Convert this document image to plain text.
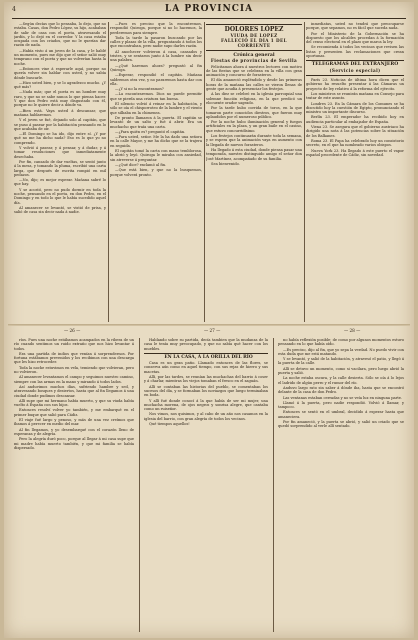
4	LA PROVINCIA

—Según decías que lo pensaba, lo dejo, que no estaba. Casas, don Pedro López, su hijo, acababan de salir de casa con el poeta, atravesando el jardín, y lo dejó en el corredor. Y la casa estaba ocupada con los criados, que no le querían dar razón de nada.

—Había visto á un joven de la casa, y le hablé un momento, pues me dijo que el señor salió muy temprano con el poeta y que no volverían hasta la noche.

—Entonces vine á esperarle aquí, porque no quería volver sin hablar con usted, y no sabía dónde buscarle.

—Hizo usted bien, y se lo agradezco mucho. ¿Y qué más?

—Nada más; que el poeta es un hombre muy raro, y que no se sabe nunca lo que piensa hacer. Y que don Pedro está muy disgustado con él, porque no le quiere decir a dónde va.

—Bien está. Vaya usted á descansar, que mañana hablaremos.

Y el joven se fué, dejando solo al capitán, que se puso á pasear por la habitación pensando en lo que acababa de oír.

—El Domingo se ha ido, dijo entre sí. ¿Y por qué no me ha dicho nada? Eso es lo que yo no comprendo.

Y volvió á pasear, y á pensar, y á dudar, y á tomar resoluciones que inmediatamente desechaba.

Por fin, cansado de dar vueltas, se sentó junto á la mesa, y tomando la pluma, escribió una carta larga, que después de escrita rompió en mil pedazos.

—No, dijo; es mejor esperar. Mañana sabré lo que hay.

Y se acostó, pero no pudo dormir en toda la noche, pensando en el poeta, en don Pedro, en el Domingo y en todo lo que le había sucedido aquel día.

Al amanecer se levantó, se vistió de prisa, y salió de casa sin decir nada á nadie.

—Pues es preciso que la encontremos, respondió Quiroga, porque si no lo hacemos, la perderemos para siempre.

Toda la tarde la pasaron buscando por las calles y plazas de la villa, preguntando á todos los que encontraban, pero nadie supo darles razón.

Al anochecer volvieron á casa, cansados y tristes, y se sentaron junto á la lumbre sin decir una palabra.

—¿Qué haremos ahora? preguntó al fin Quiroga.

—Esperar, respondió el capitán. Mañana saldremos otra vez, y no pararemos hasta dar con ella.

—¿Y si no la encontramos?

—La encontraremos. Dios no puede permitir que se pierda una criatura tan buena.

El silencio volvió á reinar en la habitación, y sólo se oía el chisporroteo de la lumbre y el viento que silbaba en la chimenea.

De pronto llamaron á la puerta. El capitán se levantó de un salto y fué á abrir. Era un muchacho que traía una carta.

—¿Para quién es? preguntó el capitán.

—Para usted, señor. Me la ha dado una señora en la calle Mayor, y me ha dicho que se la trajera en seguida.

El capitán tomó la carta con mano temblorosa, la abrió y leyó. Quiroga le miraba con ansiedad, sin atreverse á preguntar.

—¿Qué dice? exclamó al fin.

—Que está bien, y que no la busquemos, porque volverá pronto.

DOLORES LÓPEZ

VIUDA DE LOPEZ

FALLECIÓ EL DÍA 1 DEL CORRIENTE

Crónica general

Fiestas de provincias de Sevilla

Felicitamos ahora á nuestros lectores con motivo de las fiestas que se celebran en la villa con gran animación y concurso de forasteros.

El día amaneció espléndido y desde las primeras horas de la mañana las calles se vieron llenas de gente que acudía á presenciar los festejos.

A las diez se celebró en la iglesia parroquial una solemne función religiosa, en la que predicó un elocuente orador sagrado.

Por la tarde hubo corrida de toros, en la que tomaron parte conocidos diestros, que fueron muy aplaudidos por el numeroso público.

Por la noche hubo iluminación general y fuegos artificiales en la plaza, y un gran baile en el casino, que estuvo concurridísimo.

Los festejos continuarán durante toda la semana, y se espera que la animación vaya en aumento con la llegada de nuevos forasteros.

Ha llegado á esta ciudad, donde piensa pasar una temporada, nuestro distinguido amigo el señor don José Martínez, acompañado de su familia.

Sea bienvenido.

inmediatas, usted no tendrá que preocuparse porque, que sepamos, no es fácil que suceda nada.

Por el Ministerio de la Gobernación se ha dispuesto que los alcaldes procedan á la formación del censo electoral en el plazo que marca la ley.

Se recomienda á todos los vecinos que revisen las listas y presenten las reclamaciones que crean oportunas.

TELEGRAMAS DEL EXTRANJERO

(Servicio especial)

París 23. Noticias de última hora dicen que el gobierno ha resuelto presentar á las Cámaras un proyecto de ley relativo á la reforma del ejército.

Los ministros se reunirán mañana en Consejo para tratar de este asunto.

Londres 23. En la Cámara de los Comunes se ha discutido hoy la cuestión de Egipto, pronunciando el ministro un importante discurso.

Berlín 23. El emperador ha recibido hoy en audiencia particular al embajador de España.

Viena 23. Se asegura que el gobierno austriaco ha dirigido una nota á las potencias sobre la situación de los Balkanes.

Roma 23. El Papa ha celebrado hoy un consistorio secreto, en el que ha nombrado varios obispos.

Nueva York 23. Ha llegado á este puerto el vapor español procedente de Cádiz, sin novedad.

— 26 —	— 27 —	— 28 —

ríos. Pues una noche estábamos acampados en la ribera de un río cuando sentimos un ruido extraño que nos hizo levantar á todos.

Era una partida de indios que venían á sorprendernos. Por fortuna estábamos prevenidos y los recibimos con una descarga que les hizo retroceder.

Toda la noche estuvimos en vela, temiendo que volvieran, pero no volvieron.

Al amanecer levantamos el campo y seguimos nuestro camino, siempre con las armas en la mano y mirando á todos lados.

Así anduvimos muchos días, sufriendo hambre y sed, y atravesando bosques y desiertos, hasta que al fin llegamos á una ciudad donde pudimos descansar.

Allí supe que mi hermano había muerto, y que su viuda había vuelto á España con sus hijos.

Entonces resolví volver yo también, y me embarqué en el primer buque que salió para Cádiz.

El viaje fué largo y penoso, y más de una vez creímos que íbamos á perecer en medio del mar.

Al fin llegamos, y yo desembarqué con el corazón lleno de esperanza y de alegría.

Pero la alegría duró poco, porque al llegar á mi casa supe que mi madre había muerto también, y que mi familia se había dispersado.

Hablando sobre su partida, decía tambien que la mudanza de la casa le tenía muy preocupado, y que no sabía qué hacer con los muebles.

EN LA CASA, Á LA ORILLA DEL RÍO

Casa es un gran patio. Llamado entonces de las flores, se conserva aún como en aquel tiempo, con sus rejas de hierro y sus macetas.

Allí, por las tardes, se reunían las muchachas del barrio á coser y á charlar, mientras los viejos tomaban el fresco en el zaguán.

Allí se contaban las historias del pueblo, se comentaban los sucesos del día, y se formaban los noviazgos que luego terminaban en boda.

Y allí fué donde conocí á la que había de ser mi mujer, una muchacha morena, de ojos negros y sonrisa alegre, que cantaba como un ruiseñor.

Nos vimos, nos quisimos, y al cabo de un año nos casamos en la iglesia del barrio, con gran alegría de todos los vecinos.

Qué tiempos aquellos!

no había reflexión posible; de como por algunos momentos estuvo pensando en lo que había oído.

—Es preciso, dijo al fin, que yo sepa la verdad. No puedo vivir con esta duda que me está matando.

Y se levantó, y salió de la habitación, y atravesó el patio, y llegó á la puerta de la calle.

Allí se detuvo un momento, como si vacilara, pero luego abrió la puerta y salió.

La noche estaba oscura, y la calle desierta. Sólo se oía á lo lejos el ladrido de algún perro y el rumor del río.

Anduvo largo rato sin saber á dónde iba, hasta que se encontró delante de la casa de don Pedro.

Las ventanas estaban cerradas y no se veía luz en ninguna parte.

Llamó á la puerta, pero nadie respondió. Volvió á llamar, y tampoco.

Entonces se sentó en el umbral, decidido á esperar hasta que amaneciera.

Por fin amaneció, y la puerta se abrió, y salió un criado que se quedó sorprendido al verle allí sentado.
